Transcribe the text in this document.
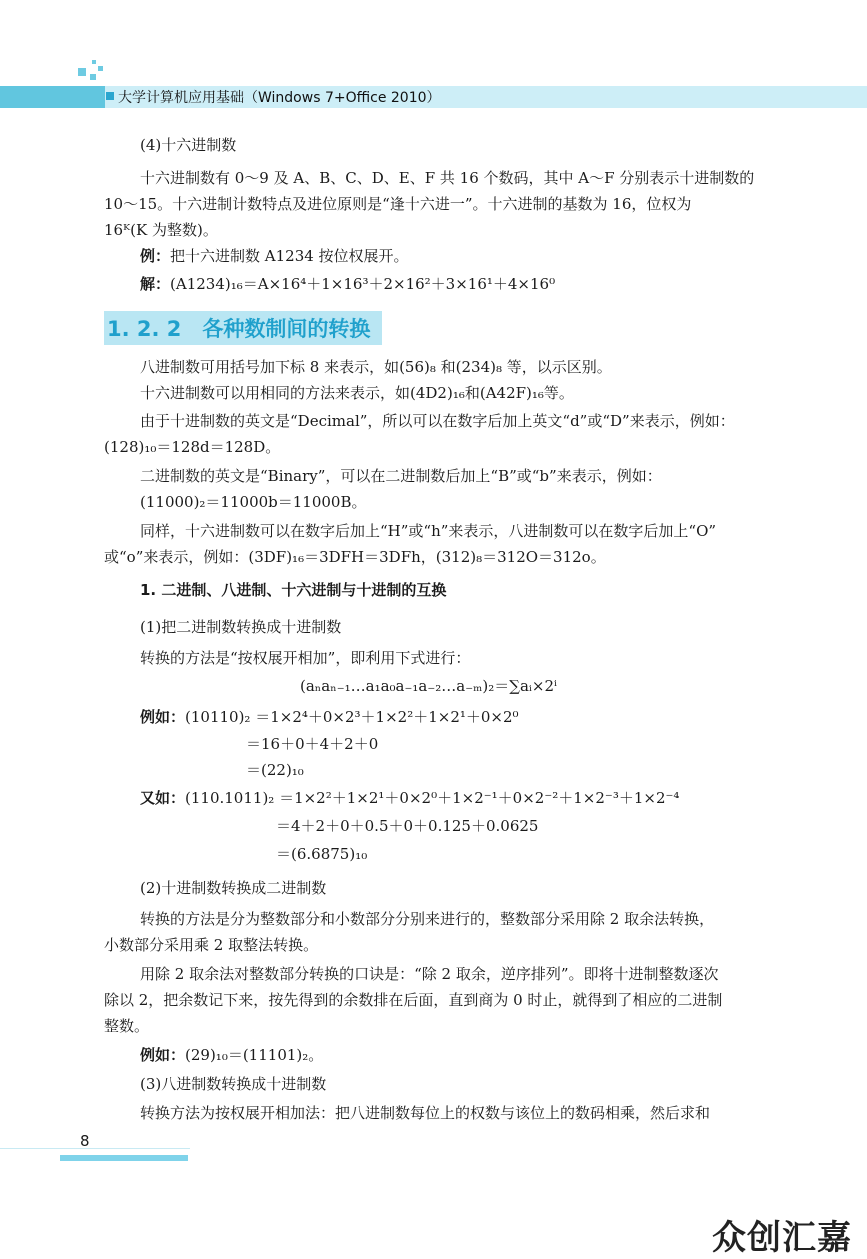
大学计算机应用基础（Windows 7+Office 2010）
(4)十六进制数
十六进制数有 0～9 及 A、B、C、D、E、F 共 16 个数码，其中 A～F 分别表示十进制数的
10～15。十六进制计数特点及进位原则是“逢十六进一”。十六进制的基数为 16，位权为
16ᴷ(K 为整数)。
例：把十六进制数 A1234 按位权展开。
解：(A1234)₁₆＝A×16⁴＋1×16³＋2×16²＋3×16¹＋4×16⁰
1. 2. 2　各种数制间的转换
八进制数可用括号加下标 8 来表示，如(56)₈ 和(234)₈ 等，以示区别。
十六进制数可以用相同的方法来表示，如(4D2)₁₆和(A42F)₁₆等。
由于十进制数的英文是“Decimal”，所以可以在数字后加上英文“d”或“D”来表示，例如：
(128)₁₀＝128d＝128D。
二进制数的英文是“Binary”，可以在二进制数后加上“B”或“b”来表示，例如：
(11000)₂＝11000b＝11000B。
同样，十六进制数可以在数字后加上“H”或“h”来表示，八进制数可以在数字后加上“O”
或“o”来表示，例如：(3DF)₁₆＝3DFH＝3DFh，(312)₈＝312O＝312o。
1. 二进制、八进制、十六进制与十进制的互换
(1)把二进制数转换成十进制数
转换的方法是“按权展开相加”，即利用下式进行：
(aₙaₙ₋₁…a₁a₀a₋₁a₋₂…a₋ₘ)₂＝∑aᵢ×2ⁱ
例如：(10110)₂ ＝1×2⁴＋0×2³＋1×2²＋1×2¹＋0×2⁰
＝16＋0＋4＋2＋0
＝(22)₁₀
又如：(110.1011)₂ ＝1×2²＋1×2¹＋0×2⁰＋1×2⁻¹＋0×2⁻²＋1×2⁻³＋1×2⁻⁴
＝4＋2＋0＋0.5＋0＋0.125＋0.0625
＝(6.6875)₁₀
(2)十进制数转换成二进制数
转换的方法是分为整数部分和小数部分分别来进行的，整数部分采用除 2 取余法转换，
小数部分采用乘 2 取整法转换。
用除 2 取余法对整数部分转换的口诀是：“除 2 取余，逆序排列”。即将十进制整数逐次
除以 2，把余数记下来，按先得到的余数排在后面，直到商为 0 时止，就得到了相应的二进制
整数。
例如：(29)₁₀＝(11101)₂。
(3)八进制数转换成十进制数
转换方法为按权展开相加法：把八进制数每位上的权数与该位上的数码相乘，然后求和
8
众创汇嘉
